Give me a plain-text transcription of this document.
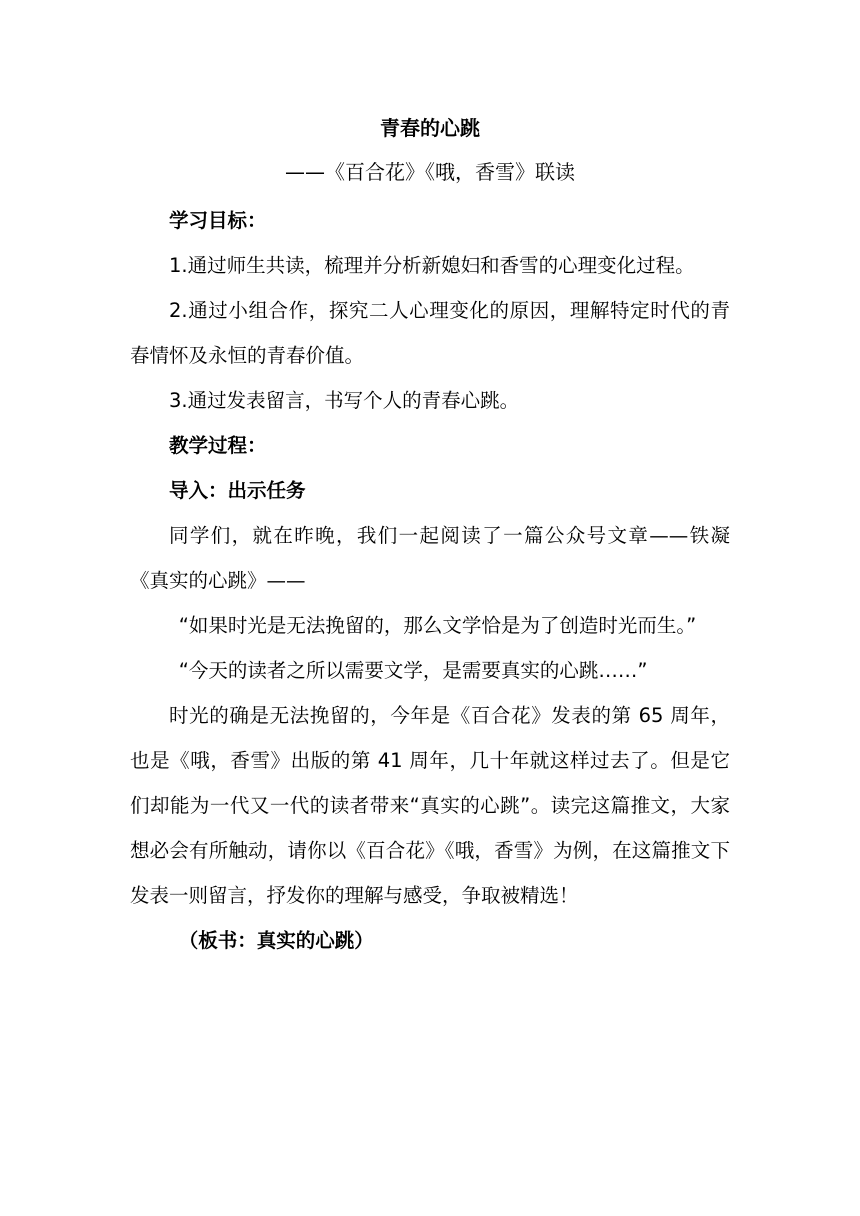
青春的心跳
——《百合花》《哦，香雪》联读

学习目标：

1.通过师生共读，梳理并分析新媳妇和香雪的心理变化过程。

2.通过小组合作，探究二人心理变化的原因，理解特定时代的青春情怀及永恒的青春价值。

3.通过发表留言，书写个人的青春心跳。

教学过程：

导入：出示任务

同学们，就在昨晚，我们一起阅读了一篇公众号文章——铁凝《真实的心跳》——

“如果时光是无法挽留的，那么文学恰是为了创造时光而生。”

“今天的读者之所以需要文学，是需要真实的心跳……”

时光的确是无法挽留的，今年是《百合花》发表的第 65 周年，也是《哦，香雪》出版的第 41 周年，几十年就这样过去了。但是它们却能为一代又一代的读者带来“真实的心跳”。读完这篇推文，大家想必会有所触动，请你以《百合花》《哦，香雪》为例，在这篇推文下发表一则留言，抒发你的理解与感受，争取被精选！

（板书：真实的心跳）
